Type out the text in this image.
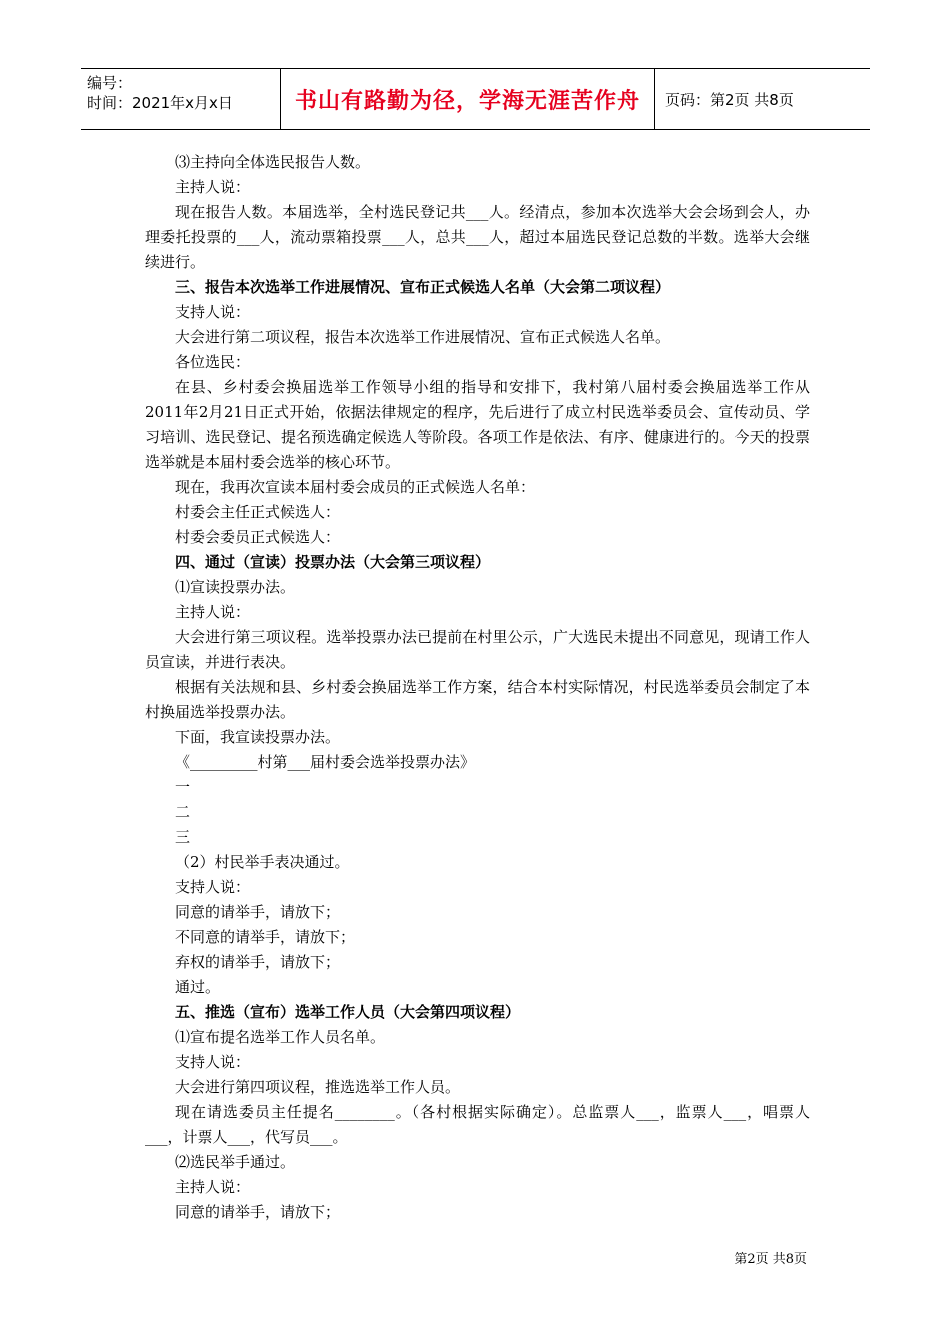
编号：
时间：2021年x月x日	书山有路勤为径，学海无涯苦作舟	页码：第2页 共8页

⑶主持向全体选民报告人数。

主持人说：

现在报告人数。本届选举，全村选民登记共___人。经清点，参加本次选举大会会场到会人，办理委托投票的___人，流动票箱投票___人，总共___人，超过本届选民登记总数的半数。选举大会继续进行。

三、报告本次选举工作进展情况、宣布正式候选人名单（大会第二项议程）

支持人说：

大会进行第二项议程，报告本次选举工作进展情况、宣布正式候选人名单。

各位选民：

在县、乡村委会换届选举工作领导小组的指导和安排下，我村第八届村委会换届选举工作从2011年2月21日正式开始，依据法律规定的程序，先后进行了成立村民选举委员会、宣传动员、学习培训、选民登记、提名预选确定候选人等阶段。各项工作是依法、有序、健康进行的。今天的投票选举就是本届村委会选举的核心环节。

现在，我再次宣读本届村委会成员的正式候选人名单：

村委会主任正式候选人：

村委会委员正式候选人：

四、通过（宣读）投票办法（大会第三项议程）

⑴宣读投票办法。

主持人说：

大会进行第三项议程。选举投票办法已提前在村里公示，广大选民未提出不同意见，现请工作人员宣读，并进行表决。

根据有关法规和县、乡村委会换届选举工作方案，结合本村实际情况，村民选举委员会制定了本村换届选举投票办法。

下面，我宣读投票办法。

《_________村第___届村委会选举投票办法》

一

二

三

（2）村民举手表决通过。

支持人说：

同意的请举手，请放下；

不同意的请举手，请放下；

弃权的请举手，请放下；

通过。

五、推选（宣布）选举工作人员（大会第四项议程）

⑴宣布提名选举工作人员名单。

支持人说：

大会进行第四项议程，推选选举工作人员。

现在请选委员主任提名________。（各村根据实际确定）。总监票人___，监票人___，唱票人___，计票人___，代写员___。

⑵选民举手通过。

主持人说：

同意的请举手，请放下；

第2页 共8页
